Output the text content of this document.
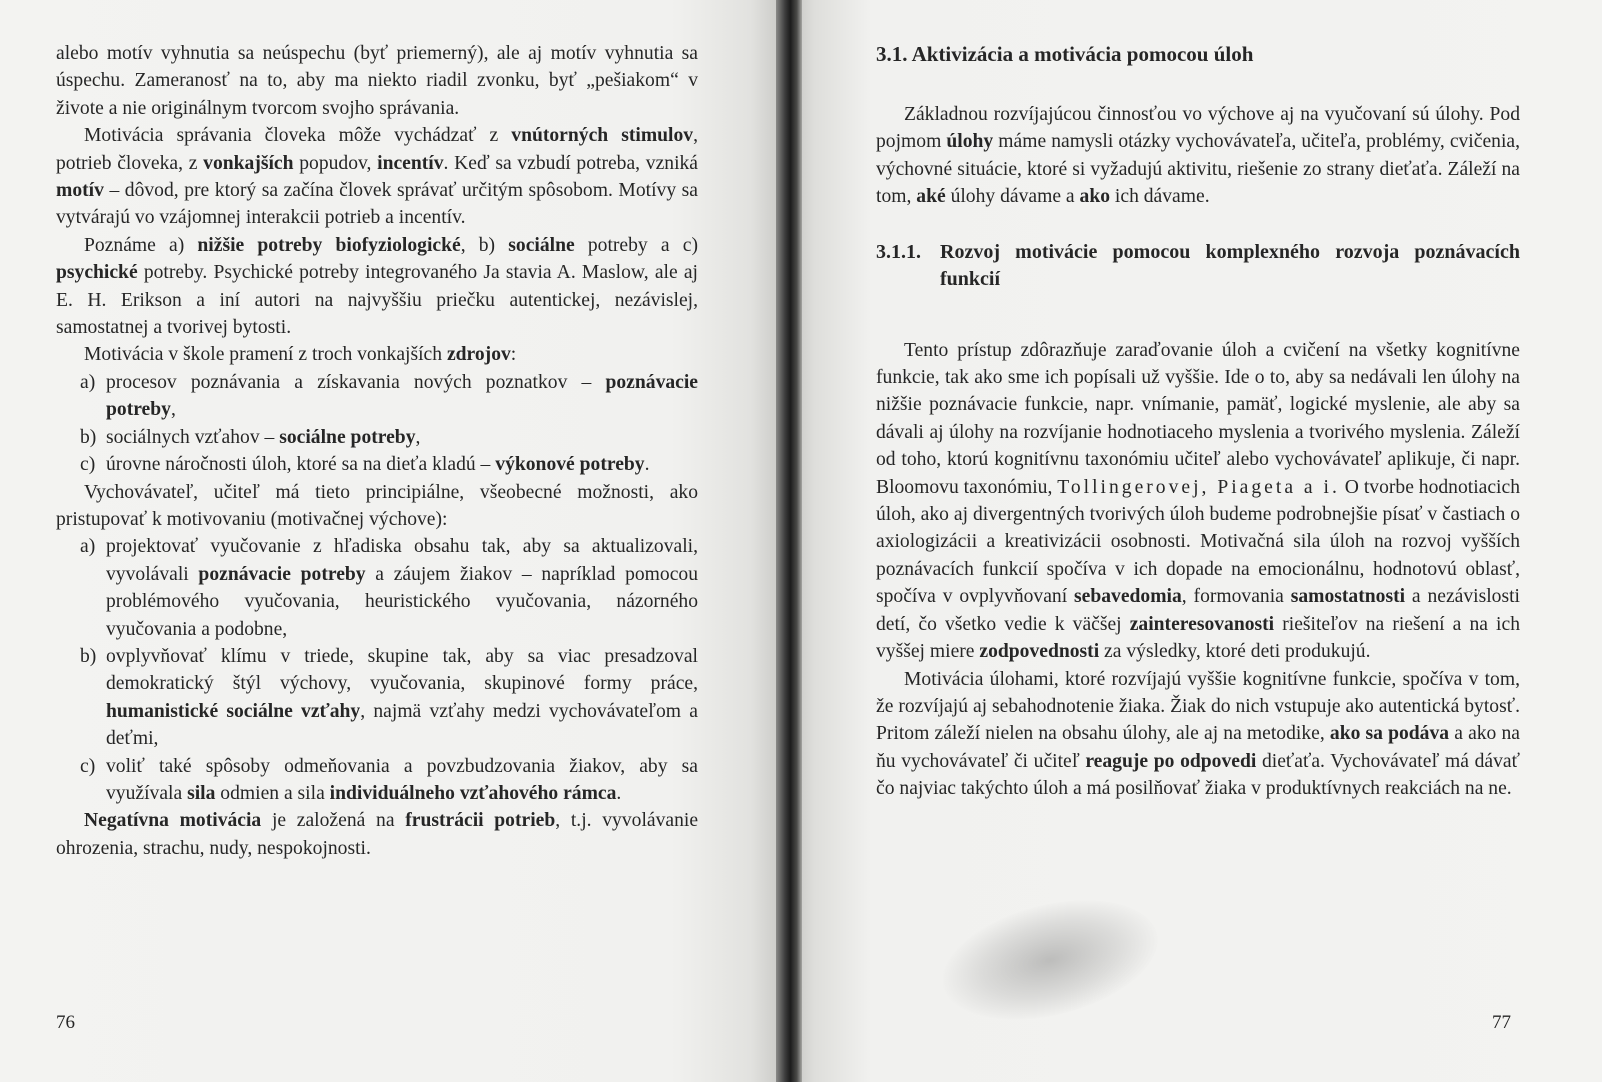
alebo motív vyhnutia sa neúspechu (byť priemerný), ale aj motív vyhnutia sa úspechu. Zameranosť na to, aby ma niekto riadil zvonku, byť „pešiakom“ v živote a nie originálnym tvorcom svojho správania.

Motivácia správania človeka môže vychádzať z vnútorných stimulov, potrieb človeka, z vonkajších popudov, incentív. Keď sa vzbudí potreba, vzniká motív – dôvod, pre ktorý sa začína človek správať určitým spôsobom. Motívy sa vytvárajú vo vzájomnej interakcii potrieb a incentív.

Poznáme a) nižšie potreby biofyziologické, b) sociálne potreby a c) psychické potreby. Psychické potreby integrovaného Ja stavia A. Maslow, ale aj E. H. Erikson a iní autori na najvyššiu priečku autentickej, nezávislej, samostatnej a tvorivej bytosti.

Motivácia v škole pramení z troch vonkajších zdrojov:

a) procesov poznávania a získavania nových poznatkov – poznávacie potreby,

b) sociálnych vzťahov – sociálne potreby,

c) úrovne náročnosti úloh, ktoré sa na dieťa kladú – výkonové potreby.

Vychovávateľ, učiteľ má tieto principiálne, všeobecné možnosti, ako pristupovať k motivovaniu (motivačnej výchove):

a) projektovať vyučovanie z hľadiska obsahu tak, aby sa aktualizovali, vyvolávali poznávacie potreby a záujem žiakov – napríklad pomocou problémového vyučovania, heuristického vyučovania, názorného vyučovania a podobne,

b) ovplyvňovať klímu v triede, skupine tak, aby sa viac presadzoval demokratický štýl výchovy, vyučovania, skupinové formy práce, humanistické sociálne vzťahy, najmä vzťahy medzi vychovávateľom a deťmi,

c) voliť také spôsoby odmeňovania a povzbudzovania žiakov, aby sa využívala sila odmien a sila individuálneho vzťahového rámca.

Negatívna motivácia je založená na frustrácii potrieb, t.j. vyvolávanie ohrozenia, strachu, nudy, nespokojnosti.

76
3.1. Aktivizácia a motivácia pomocou úloh

Základnou rozvíjajúcou činnosťou vo výchove aj na vyučovaní sú úlohy. Pod pojmom úlohy máme namysli otázky vychovávateľa, učiteľa, problémy, cvičenia, výchovné situácie, ktoré si vyžadujú aktivitu, riešenie zo strany dieťaťa. Záleží na tom, aké úlohy dávame a ako ich dávame.

3.1.1. Rozvoj motivácie pomocou komplexného rozvoja poznávacích funkcií

Tento prístup zdôrazňuje zaraďovanie úloh a cvičení na všetky kognitívne funkcie, tak ako sme ich popísali už vyššie. Ide o to, aby sa nedávali len úlohy na nižšie poznávacie funkcie, napr. vnímanie, pamäť, logické myslenie, ale aby sa dávali aj úlohy na rozvíjanie hodnotiaceho myslenia a tvorivého myslenia. Záleží od toho, ktorú kognitívnu taxonómiu učiteľ alebo vychovávateľ aplikuje, či napr. Bloomovu taxonómiu, Tollingerovej, Piageta a i. O tvorbe hodnotiacich úloh, ako aj divergentných tvorivých úloh budeme podrobnejšie písať v častiach o axiologizácii a kreativizácii osobnosti. Motivačná sila úloh na rozvoj vyšších poznávacích funkcií spočíva v ich dopade na emocionálnu, hodnotovú oblasť, spočíva v ovplyvňovaní sebavedomia, formovania samostatnosti a nezávislosti detí, čo všetko vedie k väčšej zainteresovanosti riešiteľov na riešení a na ich vyššej miere zodpovednosti za výsledky, ktoré deti produkujú.

Motivácia úlohami, ktoré rozvíjajú vyššie kognitívne funkcie, spočíva v tom, že rozvíjajú aj sebahodnotenie žiaka. Žiak do nich vstupuje ako autentická bytosť. Pritom záleží nielen na obsahu úlohy, ale aj na metodike, ako sa podáva a ako na ňu vychovávateľ či učiteľ reaguje po odpovedi dieťaťa. Vychovávateľ má dávať čo najviac takýchto úloh a má posilňovať žiaka v produktívnych reakciách na ne.

77
